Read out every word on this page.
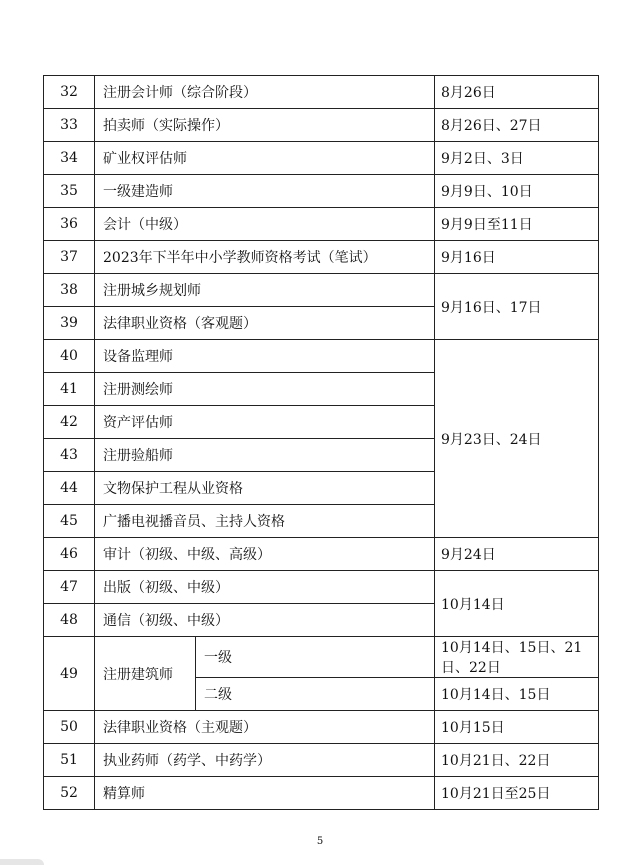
32	注册会计师（综合阶段）		8月26日
33	拍卖师（实际操作）		8月26日、27日
34	矿业权评估师		9月2日、3日
35	一级建造师		9月9日、10日
36	会计（中级）		9月9日至11日
37	2023年下半年中小学教师资格考试（笔试）		9月16日
38	注册城乡规划师		9月16日、17日
39	法律职业资格（客观题）		
40	设备监理师		9月23日、24日
41	注册测绘师		
42	资产评估师		
43	注册验船师		
44	文物保护工程从业资格		
45	广播电视播音员、主持人资格		
46	审计（初级、中级、高级）		9月24日
47	出版（初级、中级）		10月14日
48	通信（初级、中级）		
49	注册建筑师	一级	10月14日、15日、21日、22日
		二级	10月14日、15日
50	法律职业资格（主观题）		10月15日
51	执业药师（药学、中药学）		10月21日、22日
52	精算师		10月21日至25日
5
